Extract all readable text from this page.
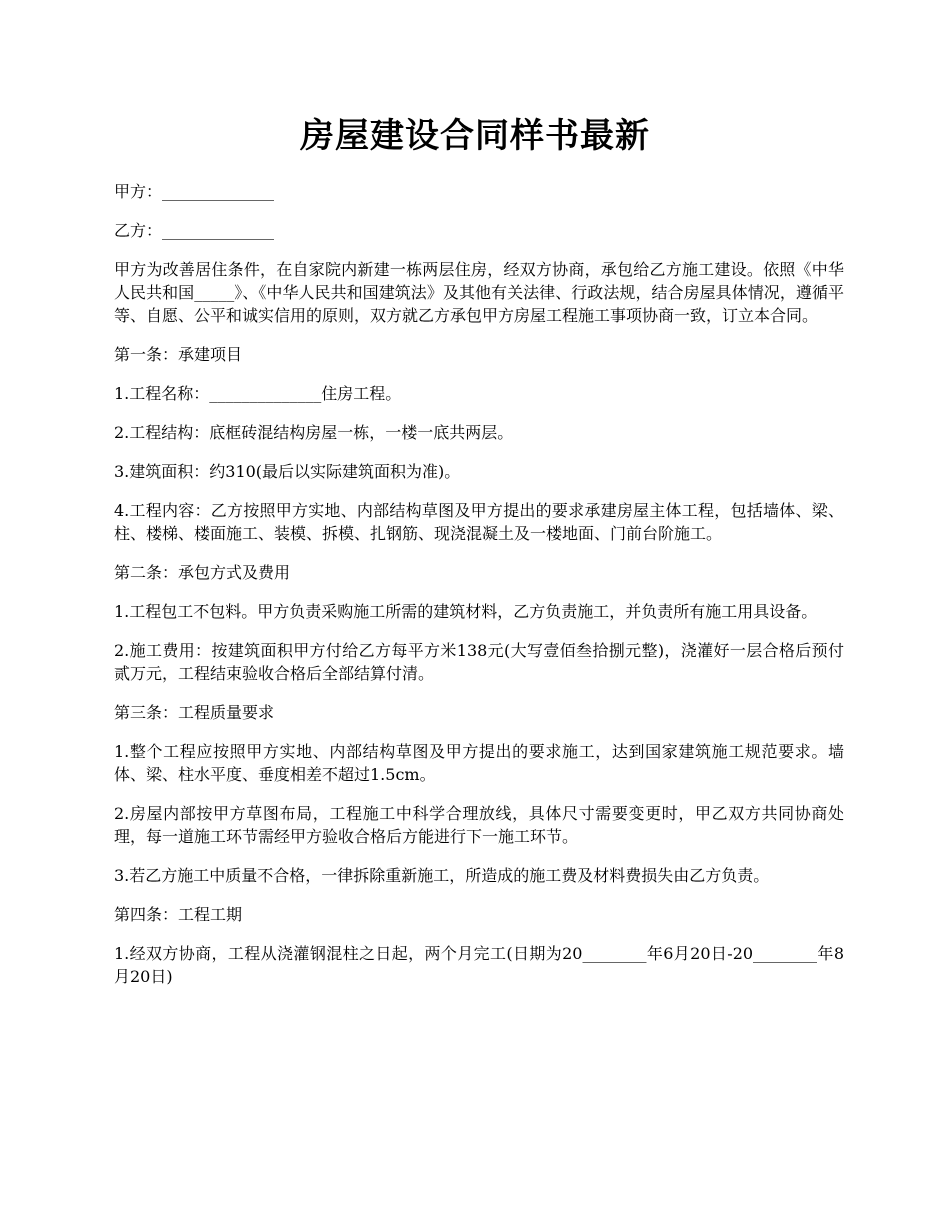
房屋建设合同样书最新

甲方：______________

乙方：______________

甲方为改善居住条件，在自家院内新建一栋两层住房，经双方协商，承包给乙方施工建设。依照《中华人民共和国_____》、《中华人民共和国建筑法》及其他有关法律、行政法规，结合房屋具体情况，遵循平等、自愿、公平和诚实信用的原则，双方就乙方承包甲方房屋工程施工事项协商一致，订立本合同。

第一条：承建项目

1.工程名称：______________住房工程。

2.工程结构：底框砖混结构房屋一栋，一楼一底共两层。

3.建筑面积：约310(最后以实际建筑面积为准)。

4.工程内容：乙方按照甲方实地、内部结构草图及甲方提出的要求承建房屋主体工程，包括墙体、梁、柱、楼梯、楼面施工、装模、拆模、扎钢筋、现浇混凝土及一楼地面、门前台阶施工。

第二条：承包方式及费用

1.工程包工不包料。甲方负责采购施工所需的建筑材料，乙方负责施工，并负责所有施工用具设备。

2.施工费用：按建筑面积甲方付给乙方每平方米138元(大写壹佰叁拾捌元整)，浇灌好一层合格后预付贰万元，工程结束验收合格后全部结算付清。

第三条：工程质量要求

1.整个工程应按照甲方实地、内部结构草图及甲方提出的要求施工，达到国家建筑施工规范要求。墙体、梁、柱水平度、垂度相差不超过1.5cm。

2.房屋内部按甲方草图布局，工程施工中科学合理放线，具体尺寸需要变更时，甲乙双方共同协商处理，每一道施工环节需经甲方验收合格后方能进行下一施工环节。

3.若乙方施工中质量不合格，一律拆除重新施工，所造成的施工费及材料费损失由乙方负责。

第四条：工程工期

1.经双方协商，工程从浇灌钢混柱之日起，两个月完工(日期为20________年6月20日-20________年8月20日)
